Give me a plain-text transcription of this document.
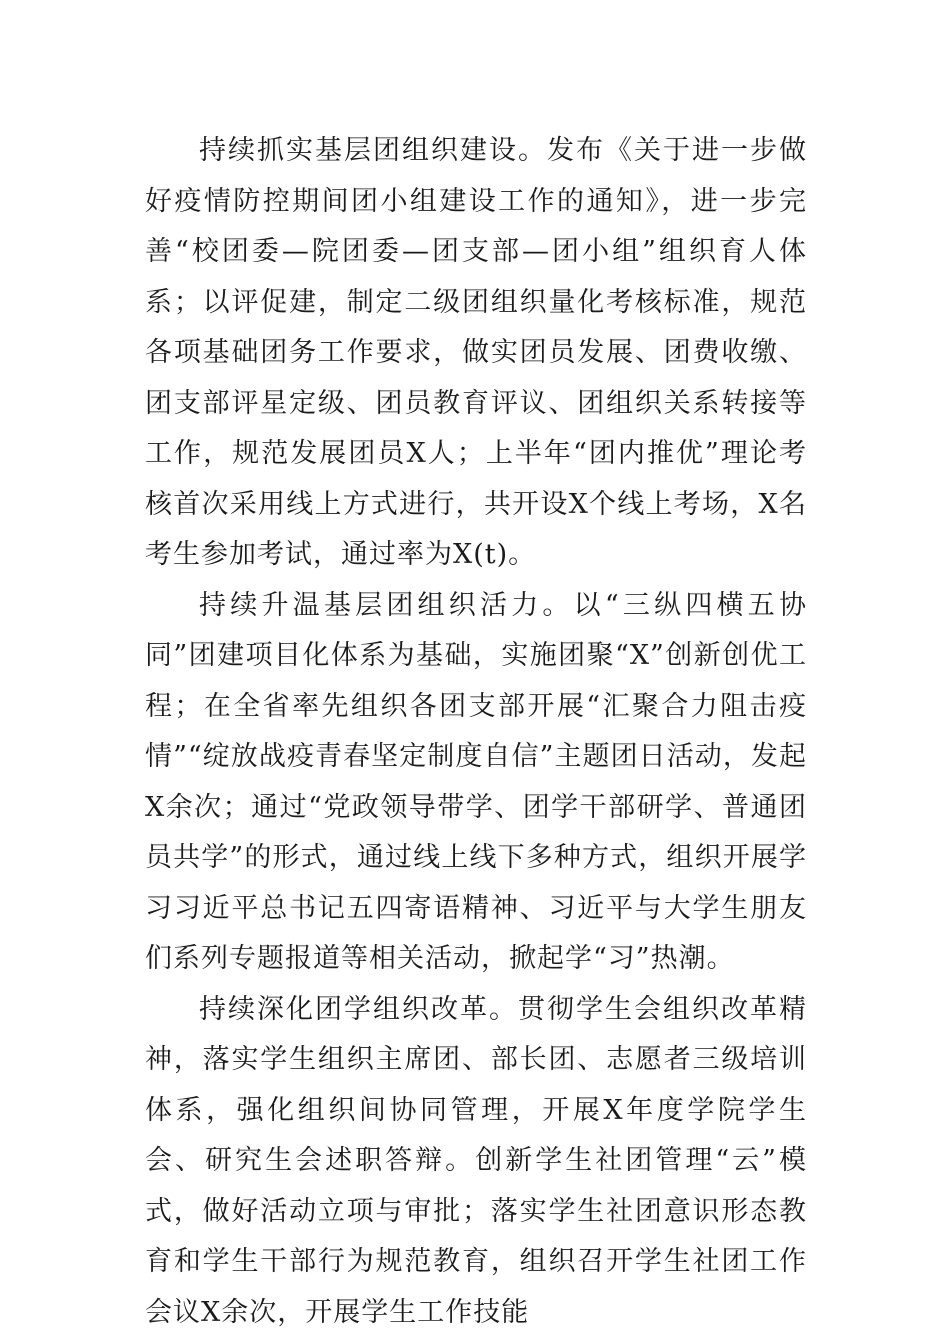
持续抓实基层团组织建设。发布《关于进一步做好疫情防控期间团小组建设工作的通知》，进一步完善“校团委—院团委—团支部—团小组”组织育人体系；以评促建，制定二级团组织量化考核标准，规范各项基础团务工作要求，做实团员发展、团费收缴、团支部评星定级、团员教育评议、团组织关系转接等工作，规范发展团员X人；上半年“团内推优”理论考核首次采用线上方式进行，共开设X个线上考场，X名考生参加考试，通过率为X(t)。

持续升温基层团组织活力。以“三纵四横五协同”团建项目化体系为基础，实施团聚“X”创新创优工程；在全省率先组织各团支部开展“汇聚合力阻击疫情”“绽放战疫青春坚定制度自信”主题团日活动，发起X余次；通过“党政领导带学、团学干部研学、普通团员共学”的形式，通过线上线下多种方式，组织开展学习习近平总书记五四寄语精神、习近平与大学生朋友们系列专题报道等相关活动，掀起学“习”热潮。

持续深化团学组织改革。贯彻学生会组织改革精神，落实学生组织主席团、部长团、志愿者三级培训体系，强化组织间协同管理，开展X年度学院学生会、研究生会述职答辩。创新学生社团管理“云”模式，做好活动立项与审批；落实学生社团意识形态教育和学生干部行为规范教育，组织召开学生社团工作会议X余次，开展学生工作技能
